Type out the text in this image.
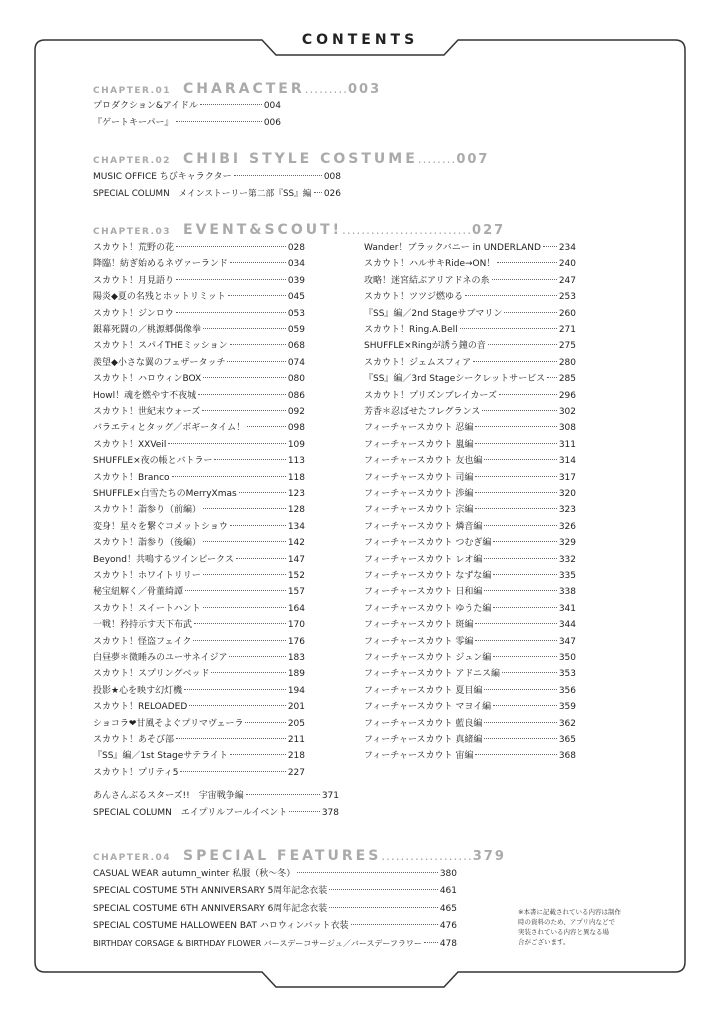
CONTENTS
CHAPTER.01 CHARACTER.........003
CHAPTER.02 CHIBI STYLE COSTUME........007
CHAPTER.03 EVENT&SCOUT!...........................027
CHAPTER.04 SPECIAL FEATURES...................379
プロダクション&アイドル	004
『ゲートキーパー』	006
MUSIC OFFICE ちびキャラクター	008
SPECIAL COLUMN　メインストーリー第二部『SS』編 026
スカウト！荒野の花	028
降臨！紡ぎ始めるネヴァーランド	034
スカウト！月見語り	039
陽炎◆夏の名残とホットリミット	045
スカウト！ジンロウ	053
銀幕死闘の／桃源郷偶像拳	059
スカウト！スパイTHEミッション	068
羨望◆小さな翼のフェザータッチ	074
スカウト！ハロウィンBOX	080
Howl！魂を燃やす不夜城	086
スカウト！世紀末ウォーズ	092
バラエティとタッグ／ボギータイム！	098
スカウト！XXVeil	109
SHUFFLE×夜の帳とバトラー	113
スカウト！Branco	118
SHUFFLE×白雪たちのMerryXmas	123
スカウト！詣参り（前編）	128
変身！星々を繋ぐコメットショウ	134
スカウト！詣参り（後編）	142
Beyond！共鳴するツインピークス	147
スカウト！ホワイトリリー	152
秘宝紐解く／骨董綺譚	157
スカウト！スイートハント	164
一戦！矜持示す天下布武	170
スカウト！怪盗フェイク	176
白昼夢＊微睡みのユーサネイジア	183
スカウト！スプリングベッド	189
投影★心を映す幻灯機	194
スカウト！RELOADED	201
ショコラ❤甘風そよぐプリマヴェーラ	205
スカウト！あそび部	211
『SS』編／1st Stageサテライト	218
スカウト！プリティ5	227
Wander！ブラックバニー in UNDERLAND 234
スカウト！ハルサキRide→ON！	240
攻略！迷宮結ぶアリアドネの糸	247
スカウト！ツツジ燃ゆる	253
『SS』編／2nd Stageサブマリン	260
スカウト！Ring.A.Bell	271
SHUFFLE×Ringが誘う鐘の音	275
スカウト！ジェムスフィア	280
『SS』編／3rd Stageシークレットサービス 285
スカウト！プリズンブレイカーズ	296
芳香＊忍ばせたフレグランス	302
フィーチャースカウト 忍編	308
フィーチャースカウト 嵐編	311
フィーチャースカウト 友也編	314
フィーチャースカウト 司編	317
フィーチャースカウト 渉編	320
フィーチャースカウト 宗編	323
フィーチャースカウト 燐音編	326
フィーチャースカウト つむぎ編	329
フィーチャースカウト レオ編	332
フィーチャースカウト なずな編	335
フィーチャースカウト 日和編	338
フィーチャースカウト ゆうた編	341
フィーチャースカウト 斑編	344
フィーチャースカウト 零編	347
フィーチャースカウト ジュン編	350
フィーチャースカウト アドニス編	353
フィーチャースカウト 夏目編	356
フィーチャースカウト マヨイ編	359
フィーチャースカウト 藍良編	362
フィーチャースカウト 真緒編	365
フィーチャースカウト 宙編	368
あんさんぶるスターズ!!　宇宙戦争編	371
SPECIAL COLUMN　エイプリルフールイベント	378
CASUAL WEAR autumn_winter 私服（秋〜冬）	380
SPECIAL COSTUME 5TH ANNIVERSARY 5周年記念衣装	461
SPECIAL COSTUME 6TH ANNIVERSARY 6周年記念衣装	465
SPECIAL COSTUME HALLOWEEN BAT ハロウィンバット衣装	476
BIRTHDAY CORSAGE & BIRTHDAY FLOWER バースデーコサージュ／バースデーフラワー 478
※本書に記載されている内容は制作
時の資料のため、アプリ内などで
実装されている内容と異なる場
合がございます。
